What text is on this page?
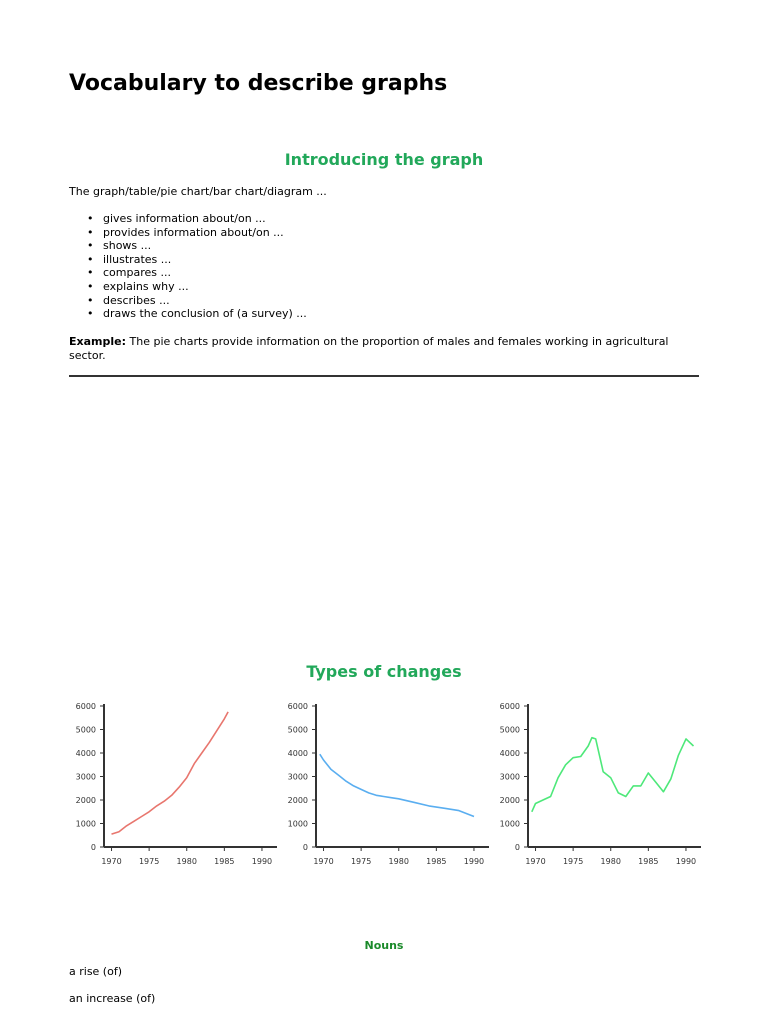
Vocabulary to describe graphs
Introducing the graph
The graph/table/pie chart/bar chart/diagram ...
• gives information about/on ...
• provides information about/on ...
• shows ...
• illustrates ...
• compares ...
• explains why ...
• describes ...
• draws the conclusion of (a survey) ...

Example: The pie charts provide information on the proportion of males and females working in agricultural sector.

Types of changes
0
1000
2000
3000
4000
5000
6000
1970 1975 1980 1985 1990
0
1000
2000
3000
4000
5000
6000
1970 1975 1980 1985 1990
0
1000
2000
3000
4000
5000
6000
1970 1975 1980 1985 1990
Nouns

a rise (of)

an increase (of)
